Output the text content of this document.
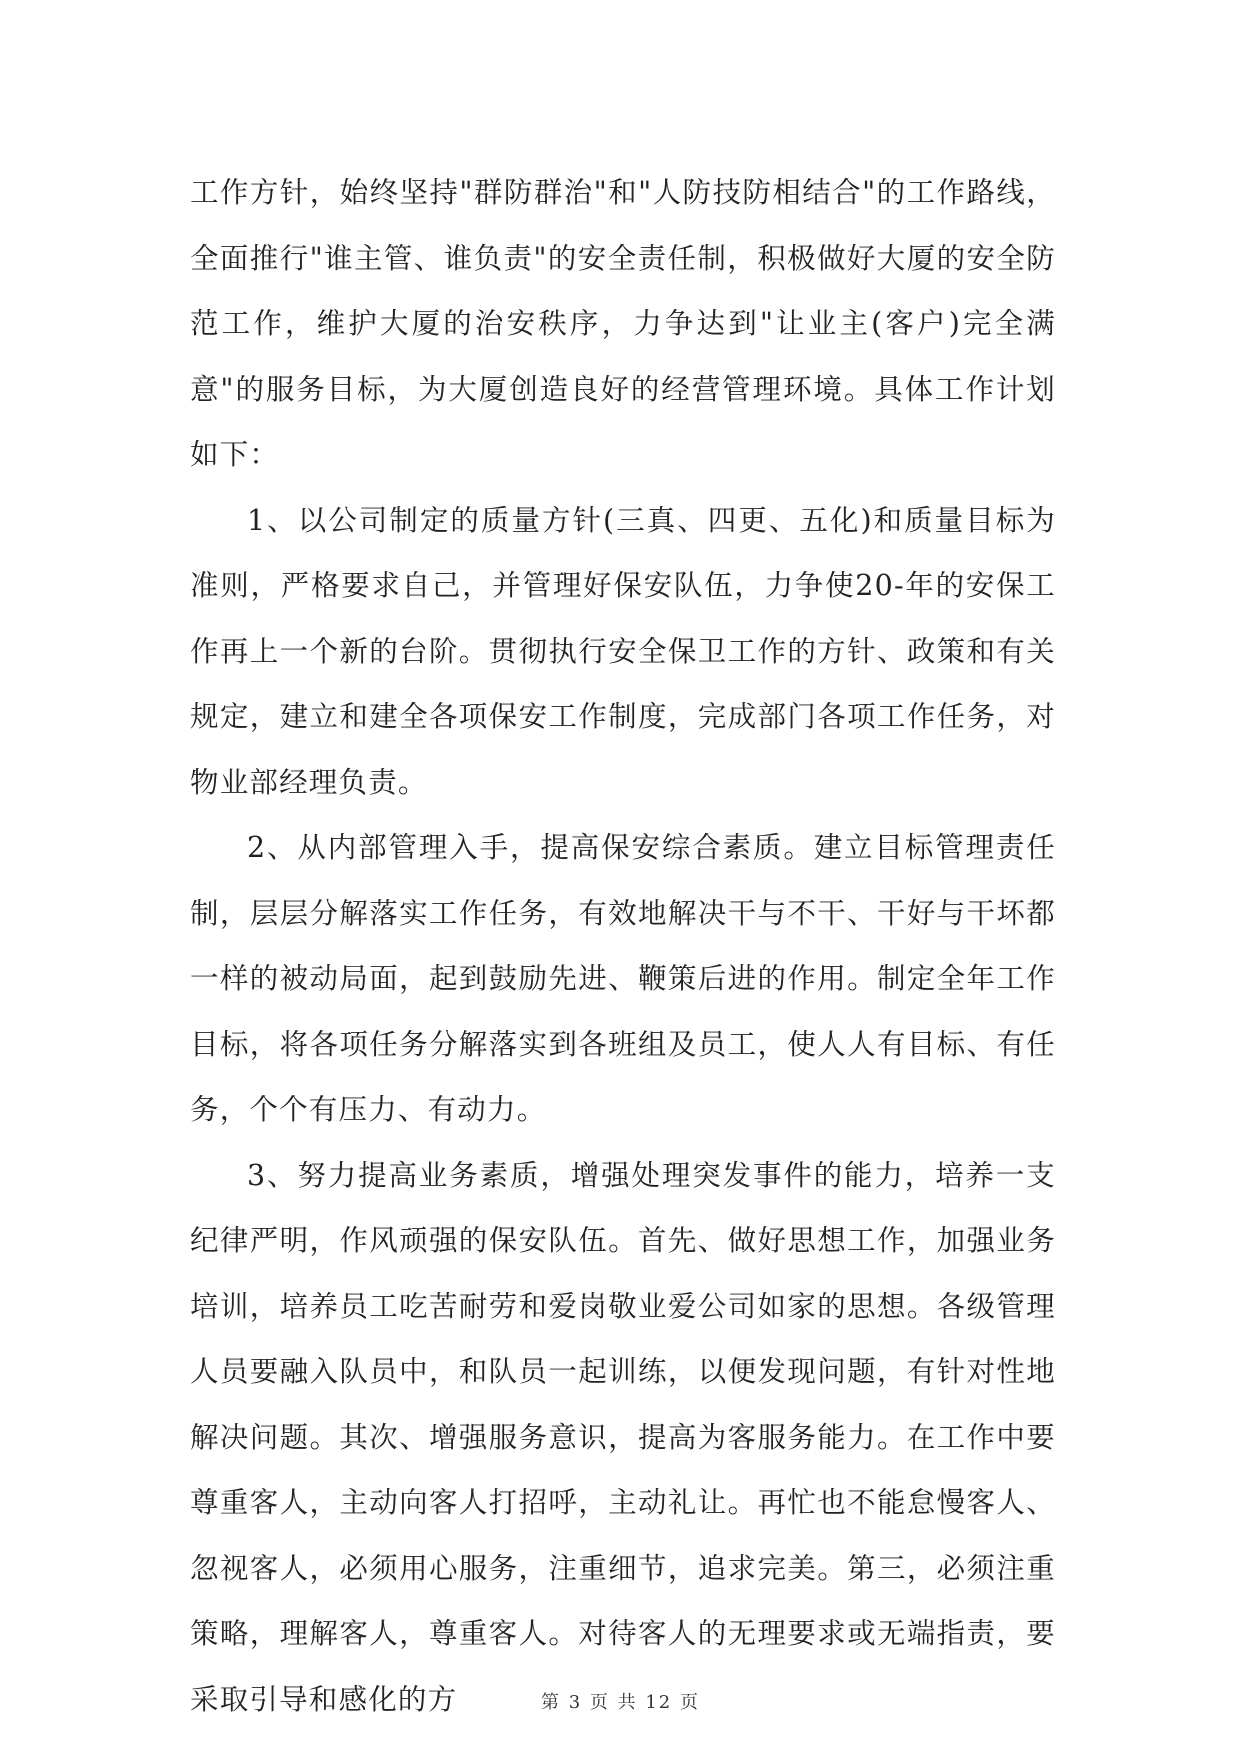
工作方针，始终坚持"群防群治"和"人防技防相结合"的工作路线，全面推行"谁主管、谁负责"的安全责任制，积极做好大厦的安全防范工作，维护大厦的治安秩序，力争达到"让业主(客户)完全满意"的服务目标，为大厦创造良好的经营管理环境。具体工作计划如下：

1、以公司制定的质量方针(三真、四更、五化)和质量目标为准则，严格要求自己，并管理好保安队伍，力争使20-年的安保工作再上一个新的台阶。贯彻执行安全保卫工作的方针、政策和有关规定，建立和建全各项保安工作制度，完成部门各项工作任务，对物业部经理负责。

2、从内部管理入手，提高保安综合素质。建立目标管理责任制，层层分解落实工作任务，有效地解决干与不干、干好与干坏都一样的被动局面，起到鼓励先进、鞭策后进的作用。制定全年工作目标，将各项任务分解落实到各班组及员工，使人人有目标、有任务，个个有压力、有动力。

3、努力提高业务素质，增强处理突发事件的能力，培养一支纪律严明，作风顽强的保安队伍。首先、做好思想工作，加强业务培训，培养员工吃苦耐劳和爱岗敬业爱公司如家的思想。各级管理人员要融入队员中，和队员一起训练，以便发现问题，有针对性地解决问题。其次、增强服务意识，提高为客服务能力。在工作中要尊重客人，主动向客人打招呼，主动礼让。再忙也不能怠慢客人、忽视客人，必须用心服务，注重细节，追求完美。第三，必须注重策略，理解客人，尊重客人。对待客人的无理要求或无端指责，要采取引导和感化的方	第 3 页 共 12 页
